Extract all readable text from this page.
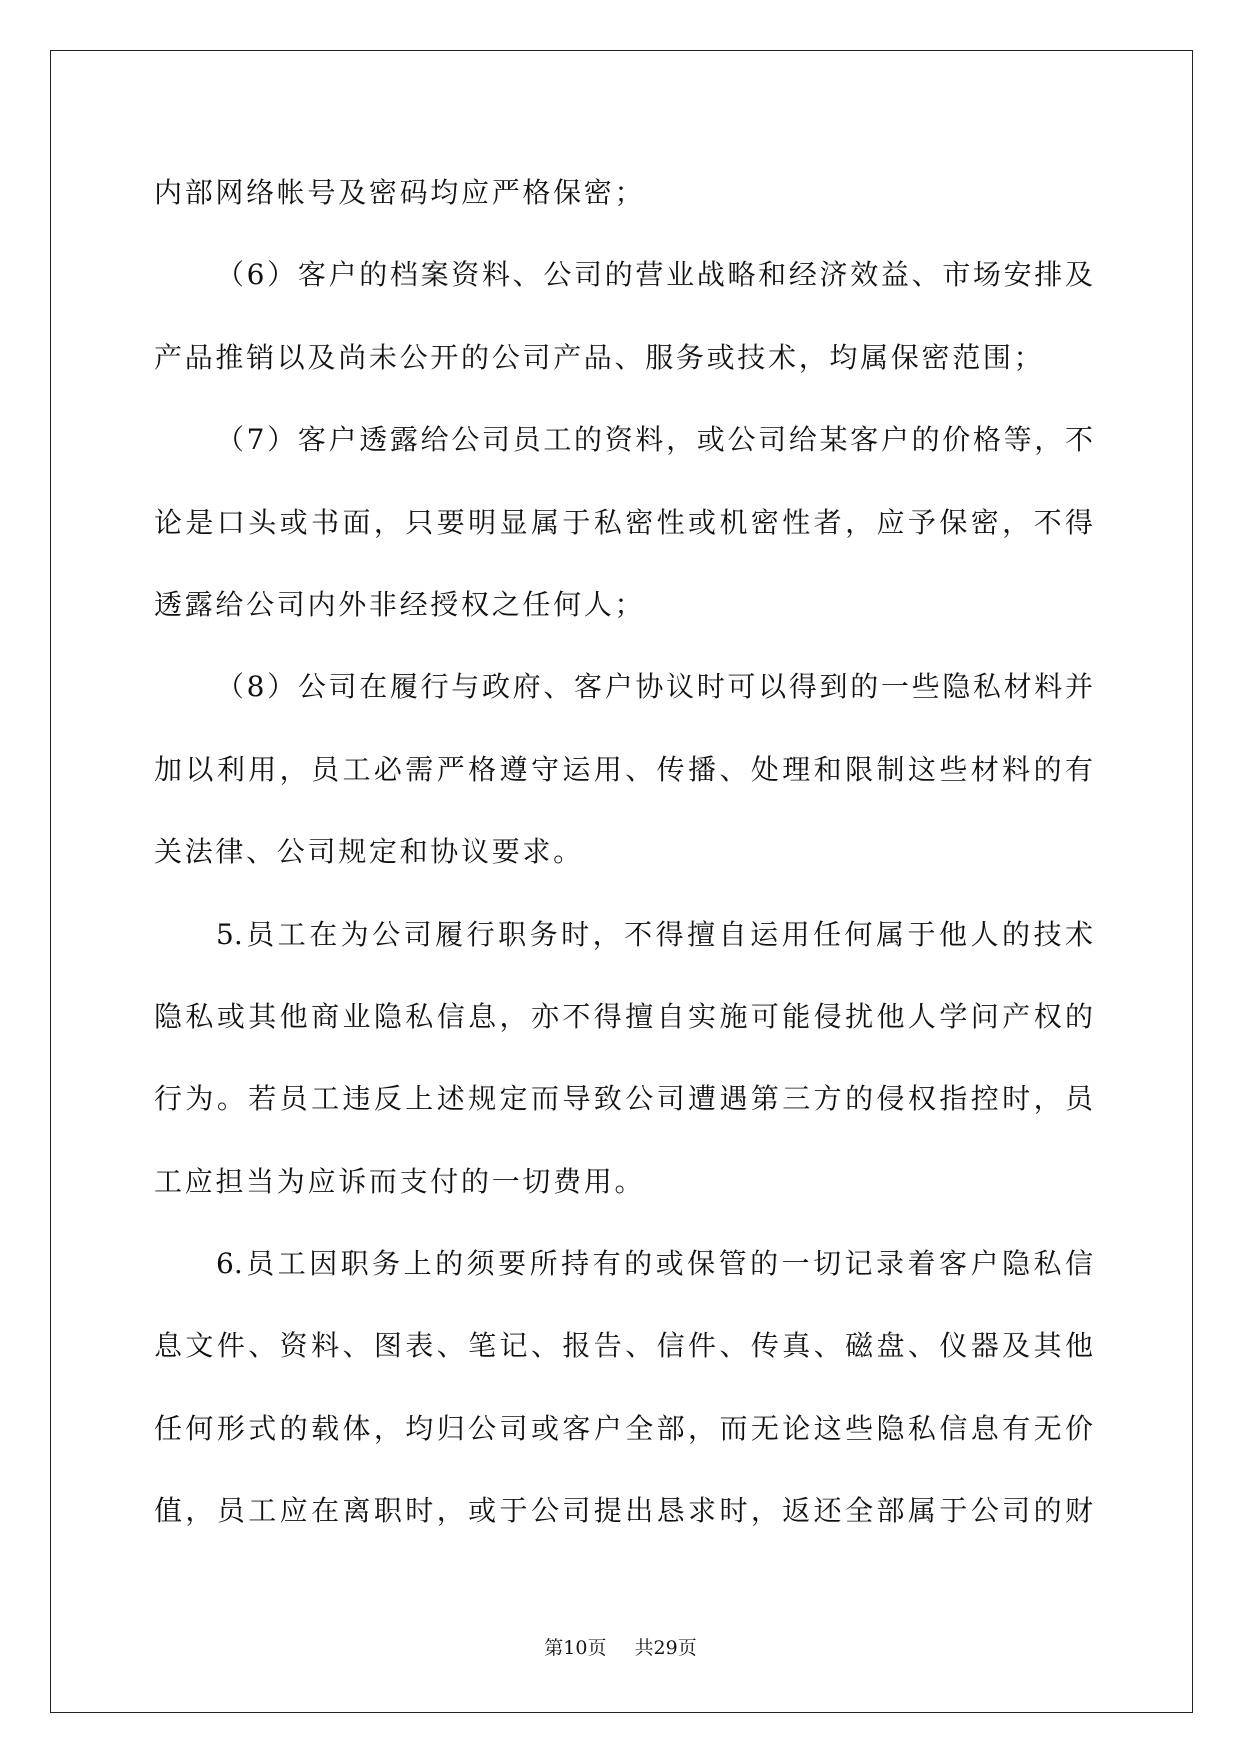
内部网络帐号及密码均应严格保密；
（6）客户的档案资料、公司的营业战略和经济效益、市场安排及
产品推销以及尚未公开的公司产品、服务或技术，均属保密范围；
（7）客户透露给公司员工的资料，或公司给某客户的价格等，不
论是口头或书面，只要明显属于私密性或机密性者，应予保密，不得
透露给公司内外非经授权之任何人；
（8）公司在履行与政府、客户协议时可以得到的一些隐私材料并
加以利用，员工必需严格遵守运用、传播、处理和限制这些材料的有
关法律、公司规定和协议要求。
5.员工在为公司履行职务时，不得擅自运用任何属于他人的技术
隐私或其他商业隐私信息，亦不得擅自实施可能侵扰他人学问产权的
行为。若员工违反上述规定而导致公司遭遇第三方的侵权指控时，员
工应担当为应诉而支付的一切费用。
6.员工因职务上的须要所持有的或保管的一切记录着客户隐私信
息文件、资料、图表、笔记、报告、信件、传真、磁盘、仪器及其他
任何形式的载体，均归公司或客户全部，而无论这些隐私信息有无价
值，员工应在离职时，或于公司提出恳求时，返还全部属于公司的财
第10页 共29页
